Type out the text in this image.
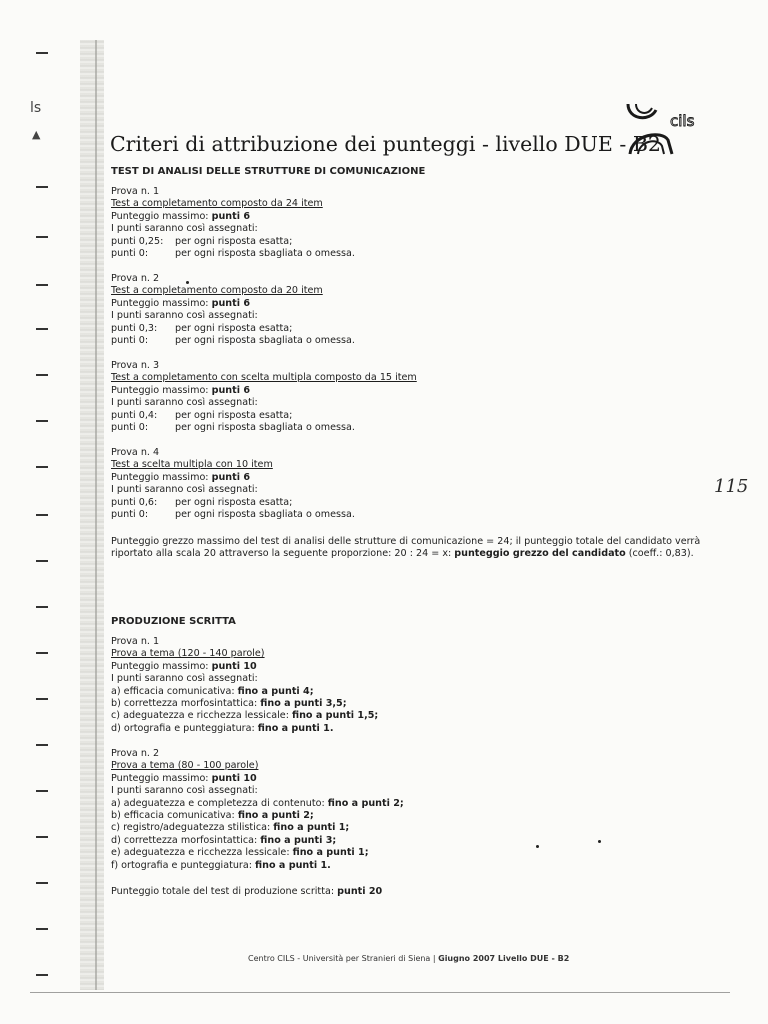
ls
▲
cils
Criteri di attribuzione dei punteggi - livello DUE - B2
TEST DI ANALISI DELLE STRUTTURE DI COMUNICAZIONE
Prova n. 1
Test a completamento composto da 24 item
Punteggio massimo: punti 6
I punti saranno così assegnati:
punti 0,25:	per ogni risposta esatta;
punti 0:	per ogni risposta sbagliata o omessa.
Prova n. 2
Test a completamento composto da 20 item
Punteggio massimo: punti 6
I punti saranno così assegnati:
punti 0,3:	per ogni risposta esatta;
punti 0:	per ogni risposta sbagliata o omessa.
Prova n. 3
Test a completamento con scelta multipla composto da 15 item
Punteggio massimo: punti 6
I punti saranno così assegnati:
punti 0,4:	per ogni risposta esatta;
punti 0:	per ogni risposta sbagliata o omessa.
Prova n. 4
Test a scelta multipla con 10 item
Punteggio massimo: punti 6
I punti saranno così assegnati:
punti 0,6:	per ogni risposta esatta;
punti 0:	per ogni risposta sbagliata o omessa.
115
Punteggio grezzo massimo del test di analisi delle strutture di comunicazione = 24; il punteggio totale del candidato verrà riportato alla scala 20 attraverso la seguente proporzione: 20 : 24 = x: punteggio grezzo del candidato (coeff.: 0,83).
PRODUZIONE SCRITTA
Prova n. 1
Prova a tema (120 - 140 parole)
Punteggio massimo: punti 10
I punti saranno così assegnati:
a) efficacia comunicativa: fino a punti 4;
b) correttezza morfosintattica: fino a punti 3,5;
c) adeguatezza e ricchezza lessicale: fino a punti 1,5;
d) ortografia e punteggiatura: fino a punti 1.
Prova n. 2
Prova a tema (80 - 100 parole)
Punteggio massimo: punti 10
I punti saranno così assegnati:
a) adeguatezza e completezza di contenuto: fino a punti 2;
b) efficacia comunicativa: fino a punti 2;
c) registro/adeguatezza stilistica: fino a punti 1;
d) correttezza morfosintattica: fino a punti 3;
e) adeguatezza e ricchezza lessicale: fino a punti 1;
f) ortografia e punteggiatura: fino a punti 1.
Punteggio totale del test di produzione scritta: punti 20
Centro CILS - Università per Stranieri di Siena | Giugno 2007 Livello DUE - B2
